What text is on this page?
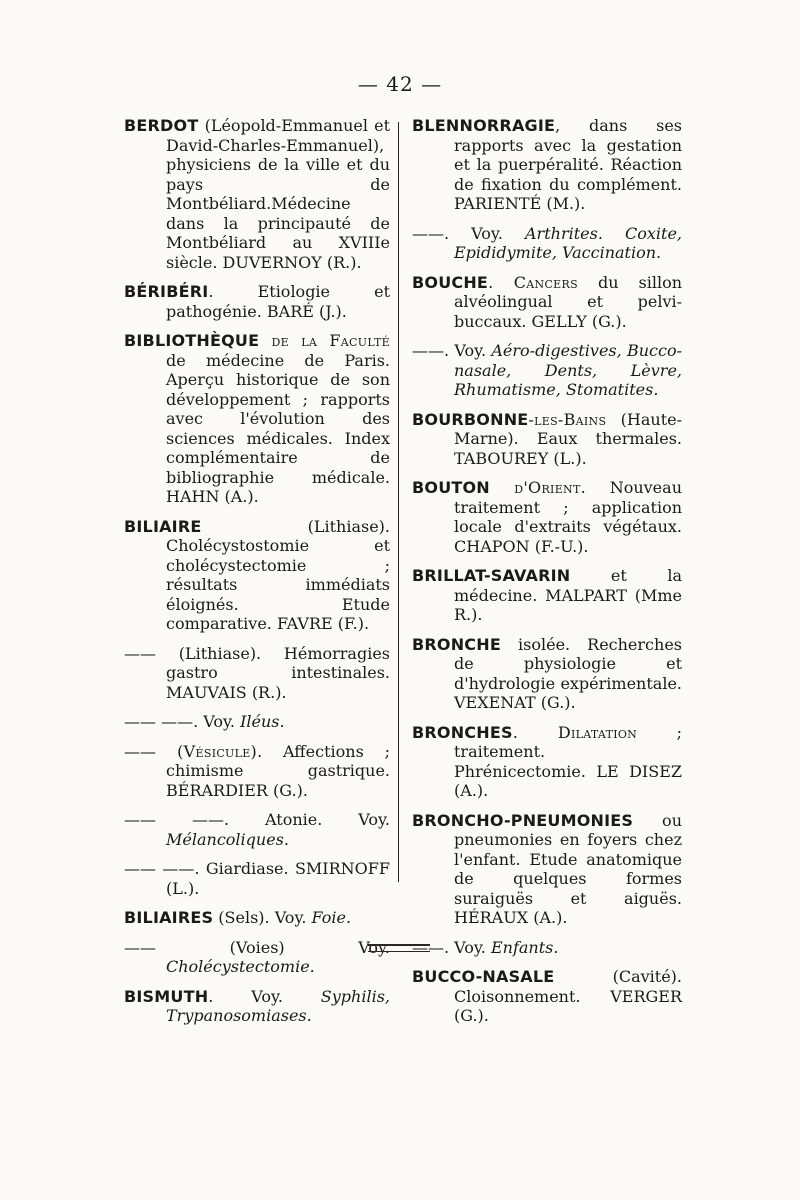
— 42 —

BERDOT (Léopold-Emmanuel et David-Charles-Emmanuel), physiciens de la ville et du pays de Montbéliard.Médecine dans la principauté de Montbéliard au XVIIIe siècle. DUVERNOY (R.).

BÉRIBÉRI. Etiologie et pathogénie. BARÉ (J.).

BIBLIOTHÈQUE de la Faculté de médecine de Paris. Aperçu historique de son développement ; rapports avec l'évolution des sciences médicales. Index complémentaire de bibliographie médicale. HAHN (A.).

BILIAIRE (Lithiase). Cholécystostomie et cholécystectomie ; résultats immédiats éloignés. Etude comparative. FAVRE (F.).

—— (Lithiase). Hémorragies gastro intestinales. MAUVAIS (R.).

—— ——. Voy. Iléus.

—— (Vésicule). Affections ; chimisme gastrique. BÉRARDIER (G.).

—— ——. Atonie. Voy. Mélancoliques.

—— ——. Giardiase. SMIRNOFF (L.).

BILIAIRES (Sels). Voy. Foie.

—— (Voies) Voy. Cholécystectomie.

BISMUTH. Voy. Syphilis, Trypanosomiases.

BLENNORRAGIE, dans ses rapports avec la gestation et la puerpéralité. Réaction de fixation du complément. PARIENTÉ (M.).

——. Voy. Arthrites. Coxite, Epididymite, Vaccination.

BOUCHE. Cancers du sillon alvéolingual et pelvi-buccaux. GELLY (G.).

——. Voy. Aéro-digestives, Bucco-nasale, Dents, Lèvre, Rhumatisme, Stomatites.

BOURBONNE-les-Bains (Haute-Marne). Eaux thermales. TABOUREY (L.).

BOUTON d'Orient. Nouveau traitement ; application locale d'extraits végétaux. CHAPON (F.-U.).

BRILLAT-SAVARIN et la médecine. MALPART (Mme R.).

BRONCHE isolée. Recherches de physiologie et d'hydrologie expérimentale. VEXENAT (G.).

BRONCHES. Dilatation ; traitement. Phrénicectomie. LE DISEZ (A.).

BRONCHO-PNEUMONIES ou pneumonies en foyers chez l'enfant. Etude anatomique de quelques formes suraiguës et aiguës. HÉRAUX (A.).

——. Voy. Enfants.

BUCCO-NASALE (Cavité). Cloisonnement. VERGER (G.).
